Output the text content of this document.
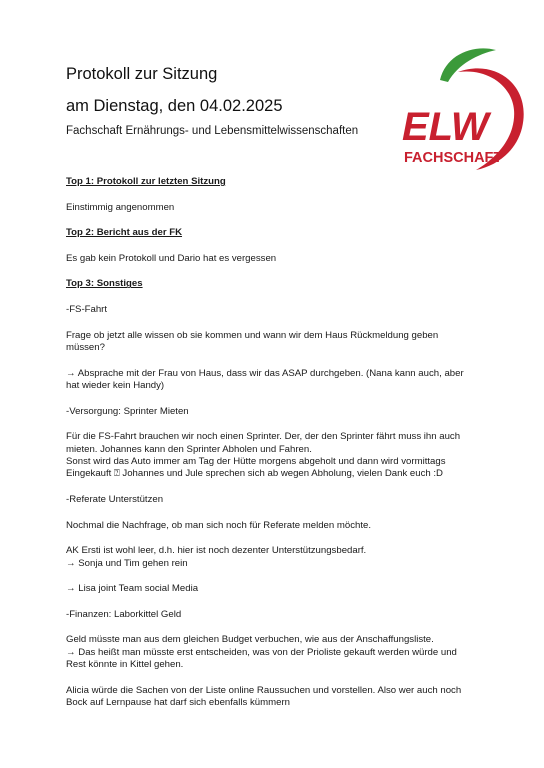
Protokoll zur Sitzung
am Dienstag, den 04.02.2025
Fachschaft Ernährungs- und Lebensmittelwissenschaften ELW
FACHSCHAFT

Top 1: Protokoll zur letzten Sitzung

Einstimmig angenommen

Top 2: Bericht aus der FK

Es gab kein Protokoll und Dario hat es vergessen

Top 3: Sonstiges

-FS-Fahrt

Frage ob jetzt alle wissen ob sie kommen und wann wir dem Haus Rückmeldung geben müssen?

→ Absprache mit der Frau von Haus, dass wir das ASAP durchgeben. (Nana kann auch, aber hat wieder kein Handy)

-Versorgung: Sprinter Mieten

Für die FS-Fahrt brauchen wir noch einen Sprinter. Der, der den Sprinter fährt muss ihn auch mieten. Johannes kann den Sprinter Abholen und Fahren.

Sonst wird das Auto immer am Tag der Hütte morgens abgeholt und dann wird vormittags Eingekauft ⍰ Johannes und Jule sprechen sich ab wegen Abholung, vielen Dank euch :D

-Referate Unterstützen

Nochmal die Nachfrage, ob man sich noch für Referate melden möchte.

AK Ersti ist wohl leer, d.h. hier ist noch dezenter Unterstützungsbedarf.

→ Sonja und Tim gehen rein

→ Lisa joint Team social Media

-Finanzen: Laborkittel Geld

Geld müsste man aus dem gleichen Budget verbuchen, wie aus der Anschaffungsliste.

→ Das heißt man müsste erst entscheiden, was von der Prioliste gekauft werden würde und Rest könnte in Kittel gehen.

Alicia würde die Sachen von der Liste online Raussuchen und vorstellen. Also wer auch noch Bock auf Lernpause hat darf sich ebenfalls kümmern
